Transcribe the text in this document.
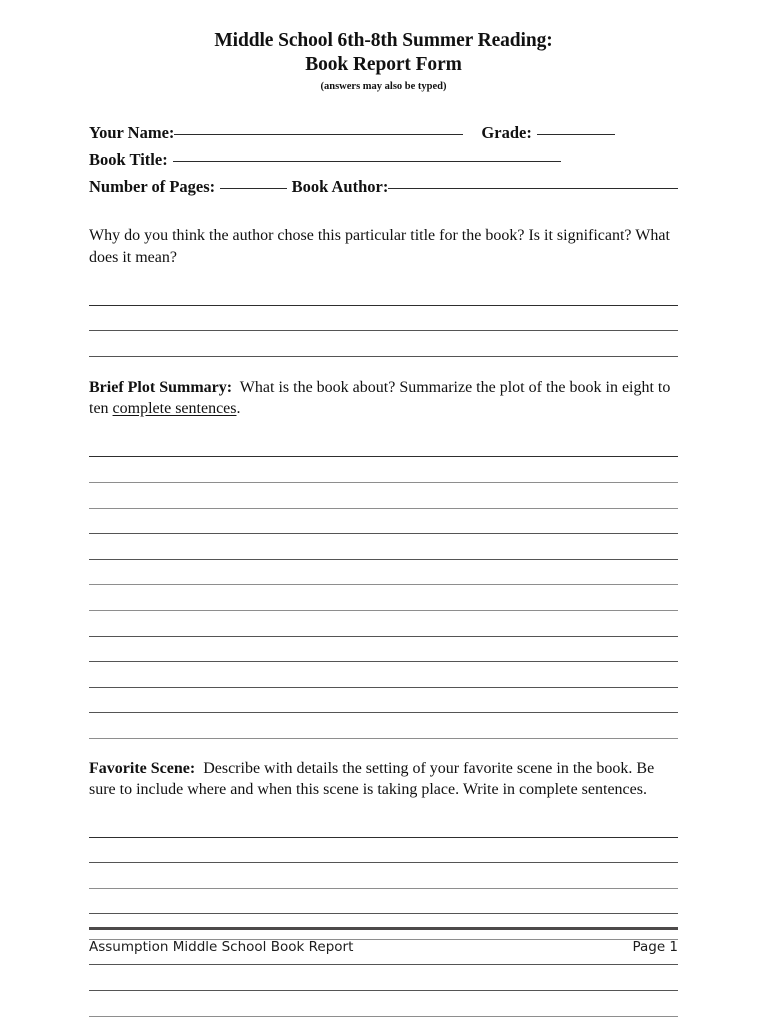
Middle School 6th-8th Summer Reading:
Book Report Form
(answers may also be typed)
Your Name:	Grade:
Book Title:
Number of Pages:	Book Author:
Why do you think the author chose this particular title for the book? Is it significant? What does it mean?
Brief Plot Summary: What is the book about? Summarize the plot of the book in eight to ten complete sentences.
Favorite Scene: Describe with details the setting of your favorite scene in the book. Be sure to include where and when this scene is taking place. Write in complete sentences.
Assumption Middle School Book Report	Page 1
